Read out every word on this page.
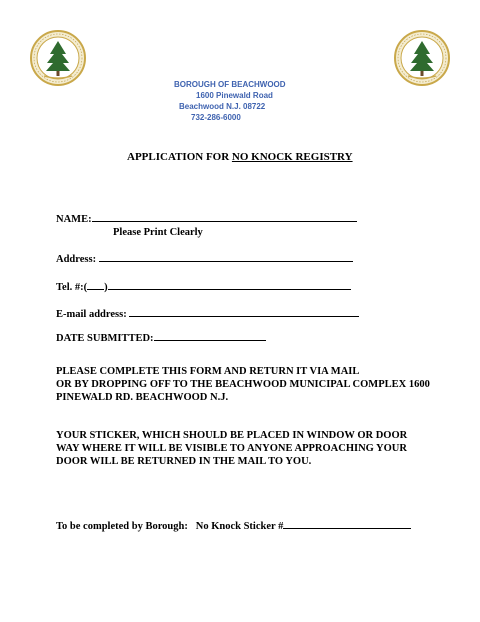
BOROUGH OF BEACHWOOD
1600 Pinewald Road
Beachwood N.J. 08722
732-286-6000
APPLICATION FOR NO KNOCK REGISTRY
NAME:
Please Print Clearly
Address:
Tel. #:( )
E-mail address:
DATE SUBMITTED:
PLEASE COMPLETE THIS FORM AND RETURN IT VIA MAIL
OR BY DROPPING OFF TO THE BEACHWOOD MUNICIPAL COMPLEX 1600
PINEWALD RD. BEACHWOOD N.J.
YOUR STICKER, WHICH SHOULD BE PLACED IN WINDOW OR DOOR
WAY WHERE IT WILL BE VISIBLE TO ANYONE APPROACHING YOUR
DOOR WILL BE RETURNED IN THE MAIL TO YOU.
To be completed by Borough: No Knock Sticker #
